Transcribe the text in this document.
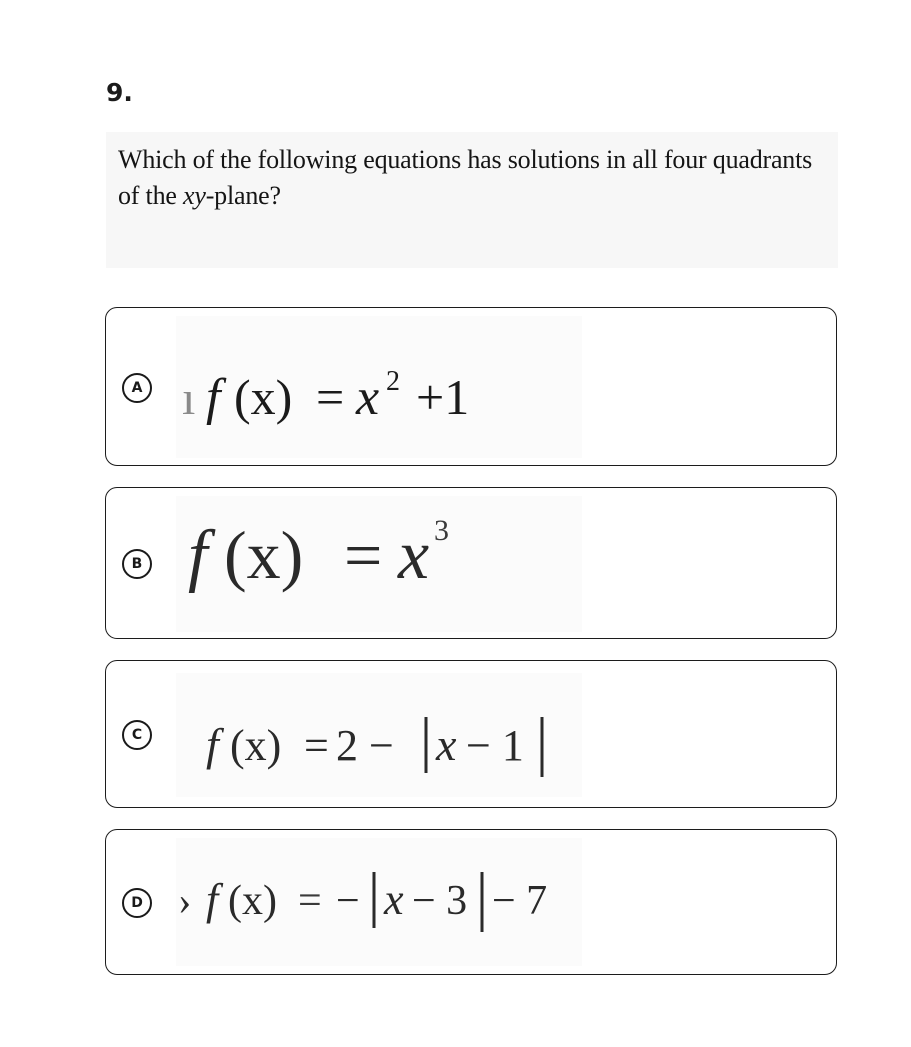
9.
Which of the following equations has solutions in all four quadrants of the xy-plane?
A ı f (x) = x 2 +1
B f (x) = x 3
C f (x) = 2 − x − 1
D › f (x) = − x − 3 − 7
